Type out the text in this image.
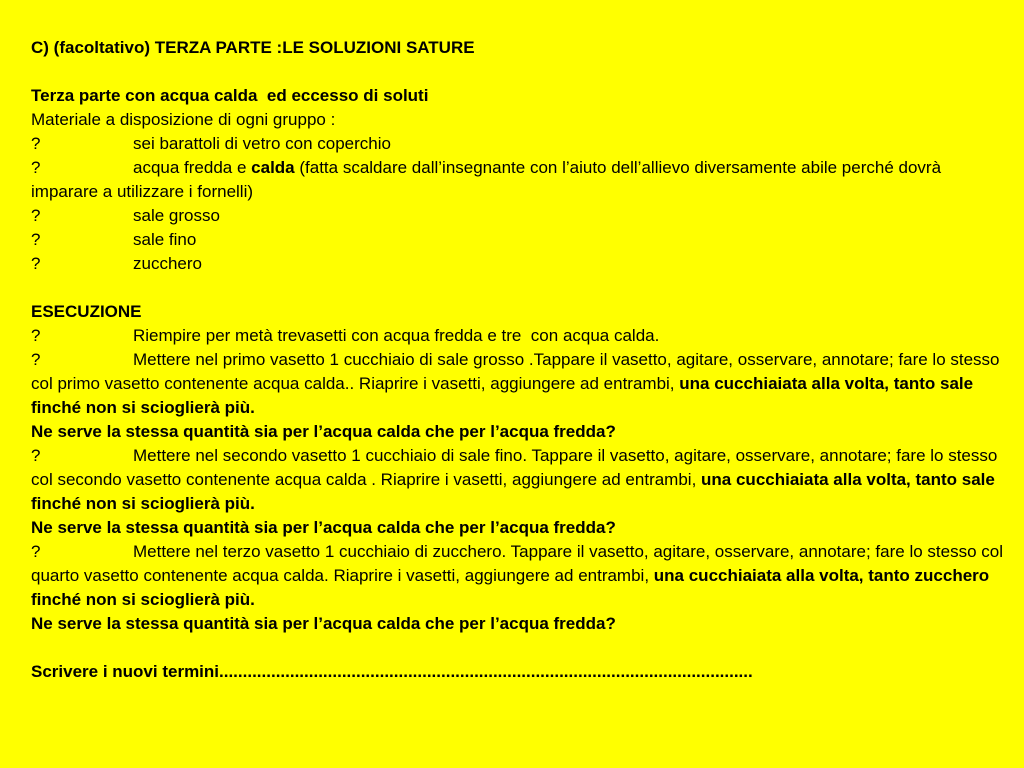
C) (facoltativo) TERZA PARTE :LE SOLUZIONI SATURE
Terza parte con acqua calda  ed eccesso di soluti
Materiale a disposizione di ogni gruppo :
?	sei barattoli di vetro con coperchio
?	acqua fredda e calda (fatta scaldare dall’insegnante con l’aiuto dell’allievo diversamente abile perché dovrà imparare a utilizzare i fornelli)
?	sale grosso
?	sale fino
?	zucchero
ESECUZIONE
?	Riempire per metà trevasetti con acqua fredda e tre  con acqua calda.
?	Mettere nel primo vasetto 1 cucchiaio di sale grosso .Tappare il vasetto, agitare, osservare, annotare; fare lo stesso col primo vasetto contenente acqua calda.. Riaprire i vasetti, aggiungere ad entrambi, una cucchiaiata alla volta, tanto sale finché non si scioglierà più.
Ne serve la stessa quantità sia per l’acqua calda che per l’acqua fredda?
?	Mettere nel secondo vasetto 1 cucchiaio di sale fino. Tappare il vasetto, agitare, osservare, annotare; fare lo stesso col secondo vasetto contenente acqua calda . Riaprire i vasetti, aggiungere ad entrambi, una cucchiaiata alla volta, tanto sale finché non si scioglierà più.
Ne serve la stessa quantità sia per l’acqua calda che per l’acqua fredda?
?	Mettere nel terzo vasetto 1 cucchiaio di zucchero. Tappare il vasetto, agitare, osservare, annotare; fare lo stesso col quarto vasetto contenente acqua calda. Riaprire i vasetti, aggiungere ad entrambi, una cucchiaiata alla volta, tanto zucchero finché non si scioglierà più.
Ne serve la stessa quantità sia per l’acqua calda che per l’acqua fredda?
Scrivere i nuovi termini.................................................................................................................
